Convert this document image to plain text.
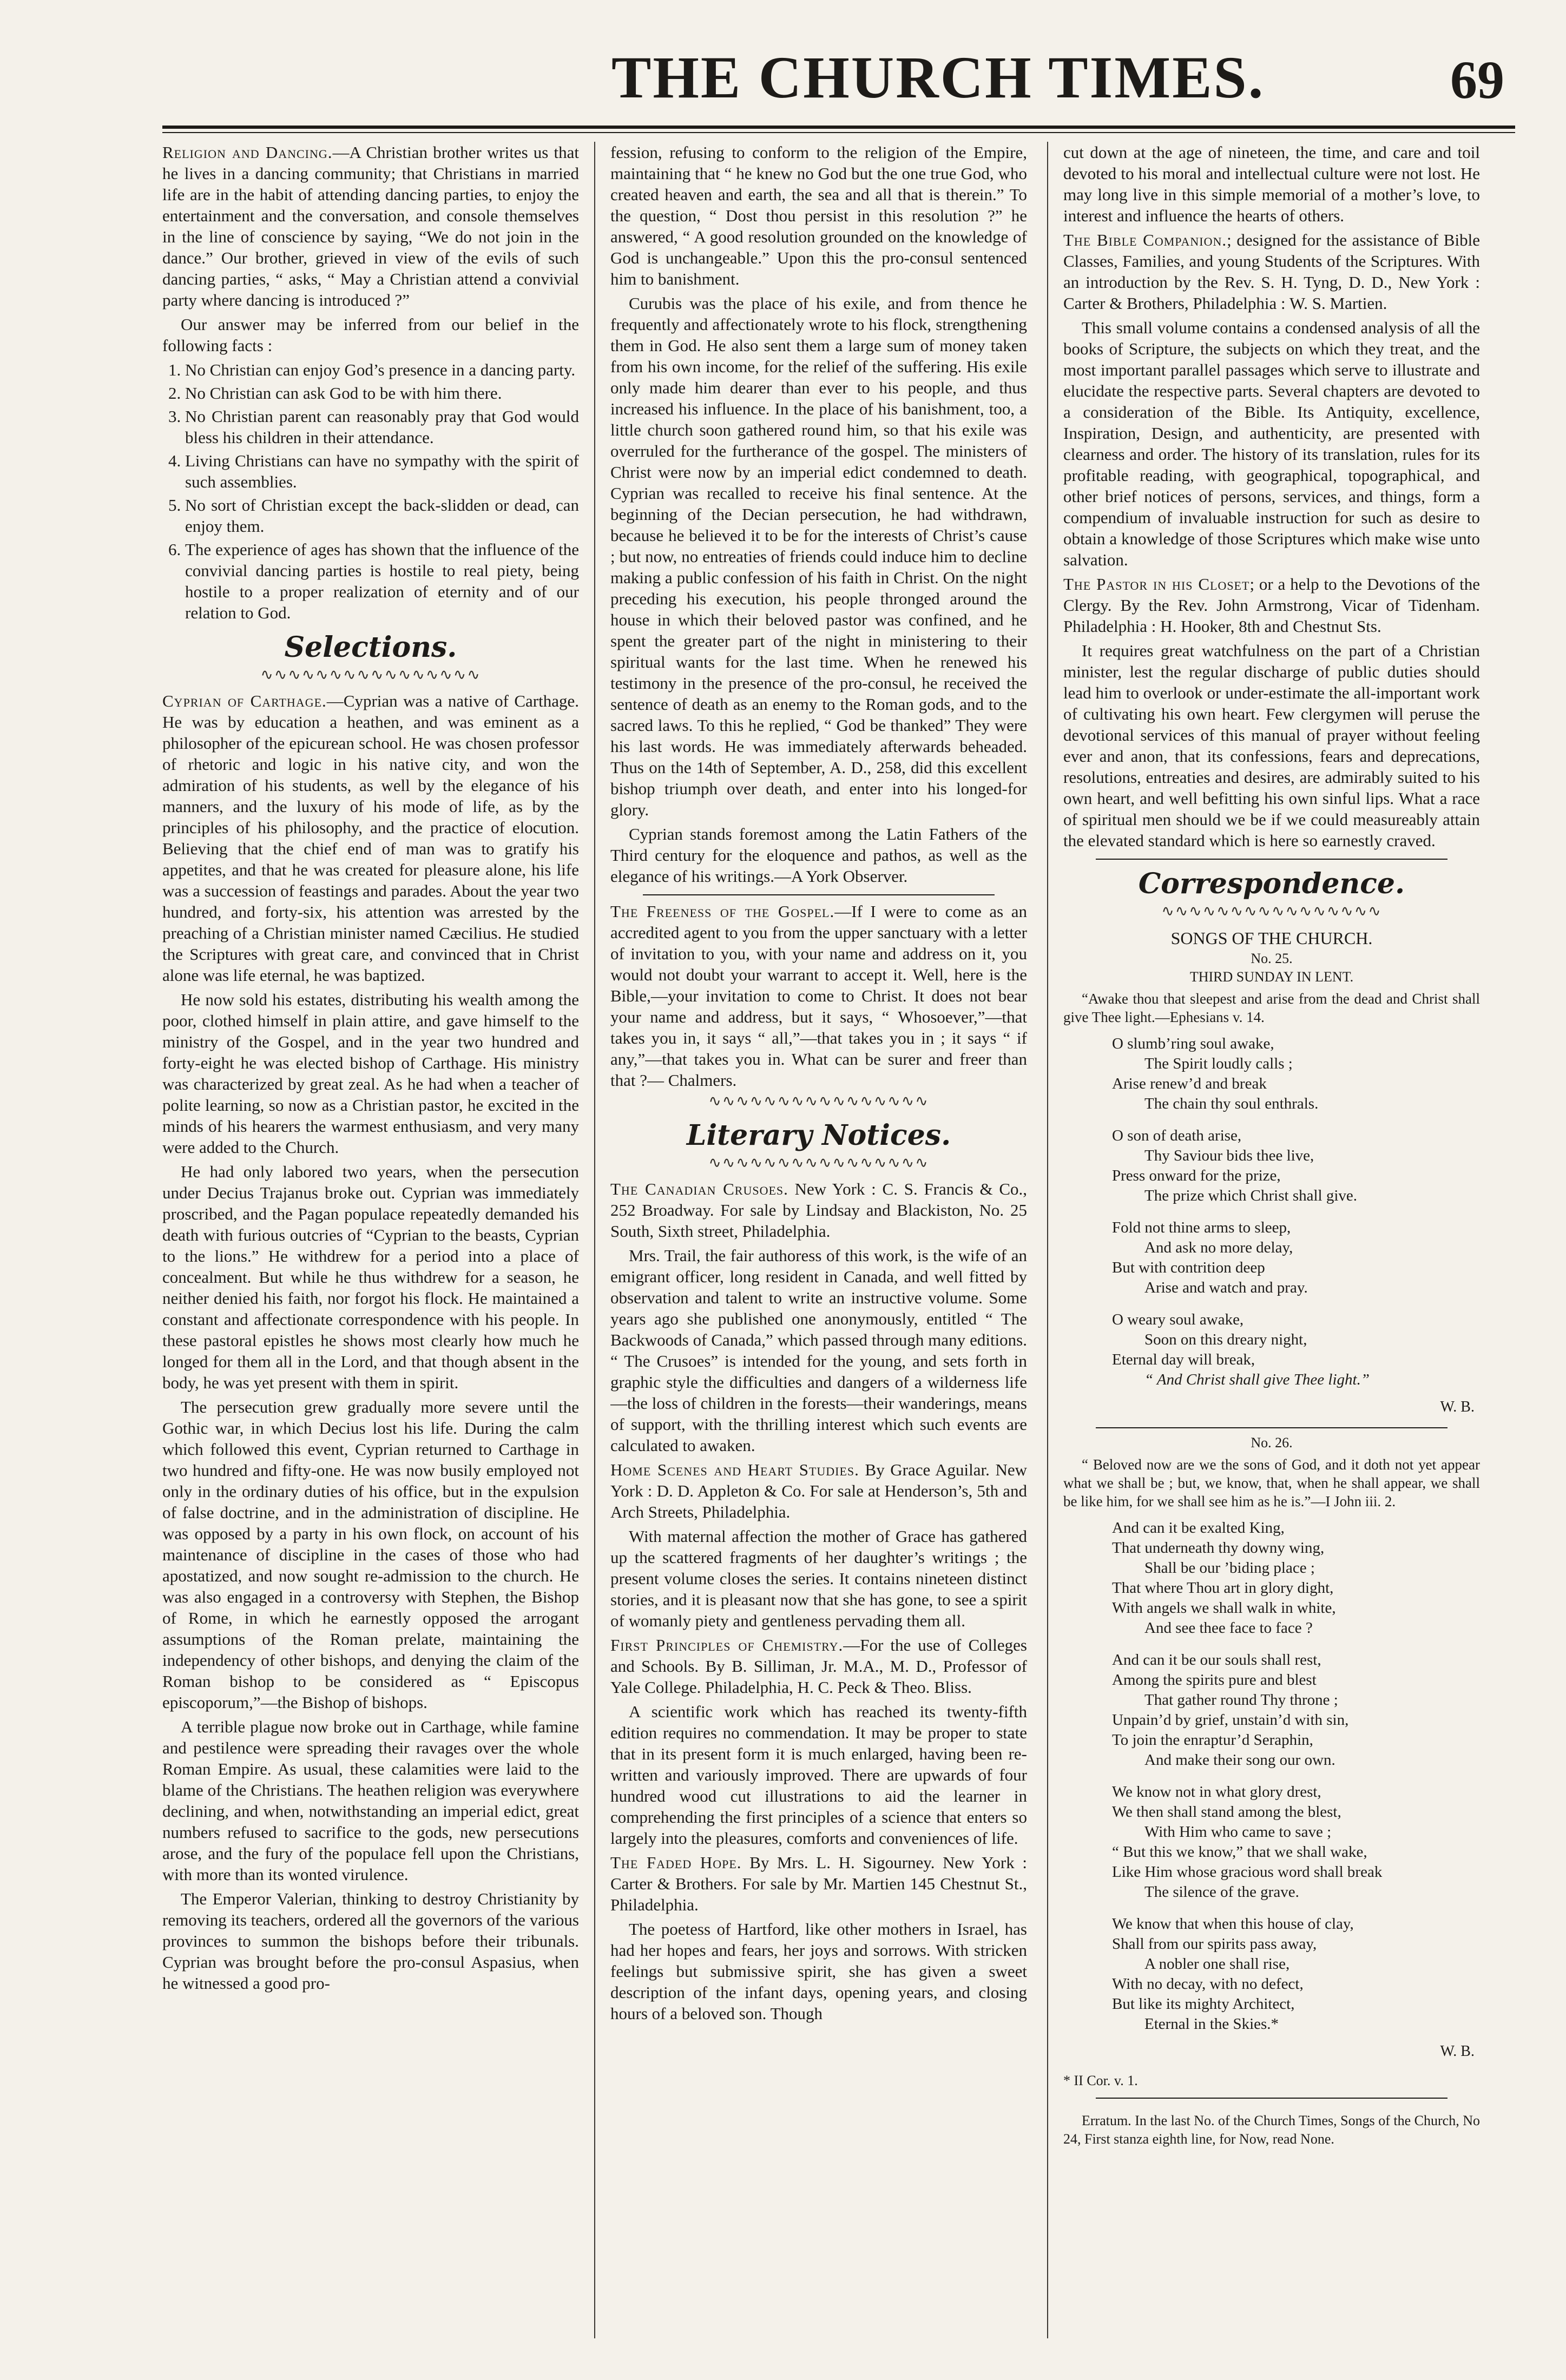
THE CHURCH TIMES.	69

Religion and Dancing.—A Christian brother writes us that he lives in a dancing community; that Christians in married life are in the habit of attending dancing parties, to enjoy the entertainment and the conversation, and console themselves in the line of conscience by saying, “We do not join in the dance.” Our brother, grieved in view of the evils of such dancing parties, “ asks, “ May a Christian attend a convivial party where dancing is introduced ?”

Our answer may be inferred from our belief in the following facts :

1. No Christian can enjoy God’s presence in a dancing party.
2. No Christian can ask God to be with him there.
3. No Christian parent can reasonably pray that God would bless his children in their attendance.
4. Living Christians can have no sympathy with the spirit of such assemblies.
5. No sort of Christian except the back-slidden or dead, can enjoy them.
6. The experience of ages has shown that the influence of the convivial dancing parties is hostile to real piety, being hostile to a proper realization of eternity and of our relation to God.
Selections.
∿∿∿∿∿∿∿∿∿∿∿∿∿∿∿∿

Cyprian of Carthage.—Cyprian was a native of Carthage. He was by education a heathen, and was eminent as a philosopher of the epicurean school. He was chosen professor of rhetoric and logic in his native city, and won the admiration of his students, as well by the elegance of his manners, and the luxury of his mode of life, as by the principles of his philosophy, and the practice of elocution. Believing that the chief end of man was to gratify his appetites, and that he was created for pleasure alone, his life was a succession of feastings and parades. About the year two hundred, and forty-six, his attention was arrested by the preaching of a Christian minister named Cæcilius. He studied the Scriptures with great care, and convinced that in Christ alone was life eternal, he was baptized.

He now sold his estates, distributing his wealth among the poor, clothed himself in plain attire, and gave himself to the ministry of the Gospel, and in the year two hundred and forty-eight he was elected bishop of Carthage. His ministry was characterized by great zeal. As he had when a teacher of polite learning, so now as a Christian pastor, he excited in the minds of his hearers the warmest enthusiasm, and very many were added to the Church.

He had only labored two years, when the persecution under Decius Trajanus broke out. Cyprian was immediately proscribed, and the Pagan populace repeatedly demanded his death with furious outcries of “Cyprian to the beasts, Cyprian to the lions.” He withdrew for a period into a place of concealment. But while he thus withdrew for a season, he neither denied his faith, nor forgot his flock. He maintained a constant and affectionate correspondence with his people. In these pastoral epistles he shows most clearly how much he longed for them all in the Lord, and that though absent in the body, he was yet present with them in spirit.

The persecution grew gradually more severe until the Gothic war, in which Decius lost his life. During the calm which followed this event, Cyprian returned to Carthage in two hundred and fifty-one. He was now busily employed not only in the ordinary duties of his office, but in the expulsion of false doctrine, and in the administration of discipline. He was opposed by a party in his own flock, on account of his maintenance of discipline in the cases of those who had apostatized, and now sought re-admission to the church. He was also engaged in a controversy with Stephen, the Bishop of Rome, in which he earnestly opposed the arrogant assumptions of the Roman prelate, maintaining the independency of other bishops, and denying the claim of the Roman bishop to be considered as “ Episcopus episcoporum,”—the Bishop of bishops.

A terrible plague now broke out in Carthage, while famine and pestilence were spreading their ravages over the whole Roman Empire. As usual, these calamities were laid to the blame of the Christians. The heathen religion was everywhere declining, and when, notwithstanding an imperial edict, great numbers refused to sacrifice to the gods, new persecutions arose, and the fury of the populace fell upon the Christians, with more than its wonted virulence.

The Emperor Valerian, thinking to destroy Christianity by removing its teachers, ordered all the governors of the various provinces to summon the bishops before their tribunals. Cyprian was brought before the pro-consul Aspasius, when he witnessed a good pro-

fession, refusing to conform to the religion of the Empire, maintaining that “ he knew no God but the one true God, who created heaven and earth, the sea and all that is therein.” To the question, “ Dost thou persist in this resolution ?” he answered, “ A good resolution grounded on the knowledge of God is unchangeable.” Upon this the pro-consul sentenced him to banishment.

Curubis was the place of his exile, and from thence he frequently and affectionately wrote to his flock, strengthening them in God. He also sent them a large sum of money taken from his own income, for the relief of the suffering. His exile only made him dearer than ever to his people, and thus increased his influence. In the place of his banishment, too, a little church soon gathered round him, so that his exile was overruled for the furtherance of the gospel. The ministers of Christ were now by an imperial edict condemned to death. Cyprian was recalled to receive his final sentence. At the beginning of the Decian persecution, he had withdrawn, because he believed it to be for the interests of Christ’s cause ; but now, no entreaties of friends could induce him to decline making a public confession of his faith in Christ. On the night preceding his execution, his people thronged around the house in which their beloved pastor was confined, and he spent the greater part of the night in ministering to their spiritual wants for the last time. When he renewed his testimony in the presence of the pro-consul, he received the sentence of death as an enemy to the Roman gods, and to the sacred laws. To this he replied, “ God be thanked” They were his last words. He was immediately afterwards beheaded. Thus on the 14th of September, A. D., 258, did this excellent bishop triumph over death, and enter into his longed-for glory.

Cyprian stands foremost among the Latin Fathers of the Third century for the eloquence and pathos, as well as the elegance of his writings.—A York Observer.

The Freeness of the Gospel.—If I were to come as an accredited agent to you from the upper sanctuary with a letter of invitation to you, with your name and address on it, you would not doubt your warrant to accept it. Well, here is the Bible,—your invitation to come to Christ. It does not bear your name and address, but it says, “ Whosoever,”—that takes you in, it says “ all,”—that takes you in ; it says “ if any,”—that takes you in. What can be surer and freer than that ?— Chalmers.

∿∿∿∿∿∿∿∿∿∿∿∿∿∿∿∿
Literary Notices.
∿∿∿∿∿∿∿∿∿∿∿∿∿∿∿∿

The Canadian Crusoes. New York : C. S. Francis & Co., 252 Broadway. For sale by Lindsay and Blackiston, No. 25 South, Sixth street, Philadelphia.

Mrs. Trail, the fair authoress of this work, is the wife of an emigrant officer, long resident in Canada, and well fitted by observation and talent to write an instructive volume. Some years ago she published one anonymously, entitled “ The Backwoods of Canada,” which passed through many editions. “ The Crusoes” is intended for the young, and sets forth in graphic style the difficulties and dangers of a wilderness life—the loss of children in the forests—their wanderings, means of support, with the thrilling interest which such events are calculated to awaken.

Home Scenes and Heart Studies. By Grace Aguilar. New York : D. D. Appleton & Co. For sale at Henderson’s, 5th and Arch Streets, Philadelphia.

With maternal affection the mother of Grace has gathered up the scattered fragments of her daughter’s writings ; the present volume closes the series. It contains nineteen distinct stories, and it is pleasant now that she has gone, to see a spirit of womanly piety and gentleness pervading them all.

First Principles of Chemistry.—For the use of Colleges and Schools. By B. Silliman, Jr. M.A., M. D., Professor of Yale College. Philadelphia, H. C. Peck & Theo. Bliss.

A scientific work which has reached its twenty-fifth edition requires no commendation. It may be proper to state that in its present form it is much enlarged, having been re-written and variously improved. There are upwards of four hundred wood cut illustrations to aid the learner in comprehending the first principles of a science that enters so largely into the pleasures, comforts and conveniences of life.

The Faded Hope. By Mrs. L. H. Sigourney. New York : Carter & Brothers. For sale by Mr. Martien 145 Chestnut St., Philadelphia.

The poetess of Hartford, like other mothers in Israel, has had her hopes and fears, her joys and sorrows. With stricken feelings but submissive spirit, she has given a sweet description of the infant days, opening years, and closing hours of a beloved son. Though

cut down at the age of nineteen, the time, and care and toil devoted to his moral and intellectual culture were not lost. He may long live in this simple memorial of a mother’s love, to interest and influence the hearts of others.

The Bible Companion.; designed for the assistance of Bible Classes, Families, and young Students of the Scriptures. With an introduction by the Rev. S. H. Tyng, D. D., New York : Carter & Brothers, Philadelphia : W. S. Martien.

This small volume contains a condensed analysis of all the books of Scripture, the subjects on which they treat, and the most important parallel passages which serve to illustrate and elucidate the respective parts. Several chapters are devoted to a consideration of the Bible. Its Antiquity, excellence, Inspiration, Design, and authenticity, are presented with clearness and order. The history of its translation, rules for its profitable reading, with geographical, topographical, and other brief notices of persons, services, and things, form a compendium of invaluable instruction for such as desire to obtain a knowledge of those Scriptures which make wise unto salvation.

The Pastor in his Closet; or a help to the Devotions of the Clergy. By the Rev. John Armstrong, Vicar of Tidenham. Philadelphia : H. Hooker, 8th and Chestnut Sts.

It requires great watchfulness on the part of a Christian minister, lest the regular discharge of public duties should lead him to overlook or under-estimate the all-important work of cultivating his own heart. Few clergymen will peruse the devotional services of this manual of prayer without feeling ever and anon, that its confessions, fears and deprecations, resolutions, entreaties and desires, are admirably suited to his own heart, and well befitting his own sinful lips. What a race of spiritual men should we be if we could measureably attain the elevated standard which is here so earnestly craved.

Correspondence.
∿∿∿∿∿∿∿∿∿∿∿∿∿∿∿∿
SONGS OF THE CHURCH.
No. 25.
THIRD SUNDAY IN LENT.
“Awake thou that sleepest and arise from the dead and Christ shall give Thee light.—Ephesians v. 14.
O slumb’ring soul awake,
The Spirit loudly calls ;
Arise renew’d and break
The chain thy soul enthrals.
O son of death arise,
Thy Saviour bids thee live,
Press onward for the prize,
The prize which Christ shall give.
Fold not thine arms to sleep,
And ask no more delay,
But with contrition deep
Arise and watch and pray.
O weary soul awake,
Soon on this dreary night,
Eternal day will break,
“ And Christ shall give Thee light.”
W. B.
No. 26.
“ Beloved now are we the sons of God, and it doth not yet appear what we shall be ; but, we know, that, when he shall appear, we shall be like him, for we shall see him as he is.”—I John iii. 2.
And can it be exalted King,
That underneath thy downy wing,
Shall be our ’biding place ;
That where Thou art in glory dight,
With angels we shall walk in white,
And see thee face to face ?
And can it be our souls shall rest,
Among the spirits pure and blest
That gather round Thy throne ;
Unpain’d by grief, unstain’d with sin,
To join the enraptur’d Seraphin,
And make their song our own.
We know not in what glory drest,
We then shall stand among the blest,
With Him who came to save ;
“ But this we know,” that we shall wake,
Like Him whose gracious word shall break
The silence of the grave.
We know that when this house of clay,
Shall from our spirits pass away,
A nobler one shall rise,
With no decay, with no defect,
But like its mighty Architect,
Eternal in the Skies.*
W. B.
* II Cor. v. 1.
Erratum. In the last No. of the Church Times, Songs of the Church, No 24, First stanza eighth line, for Now, read None.
